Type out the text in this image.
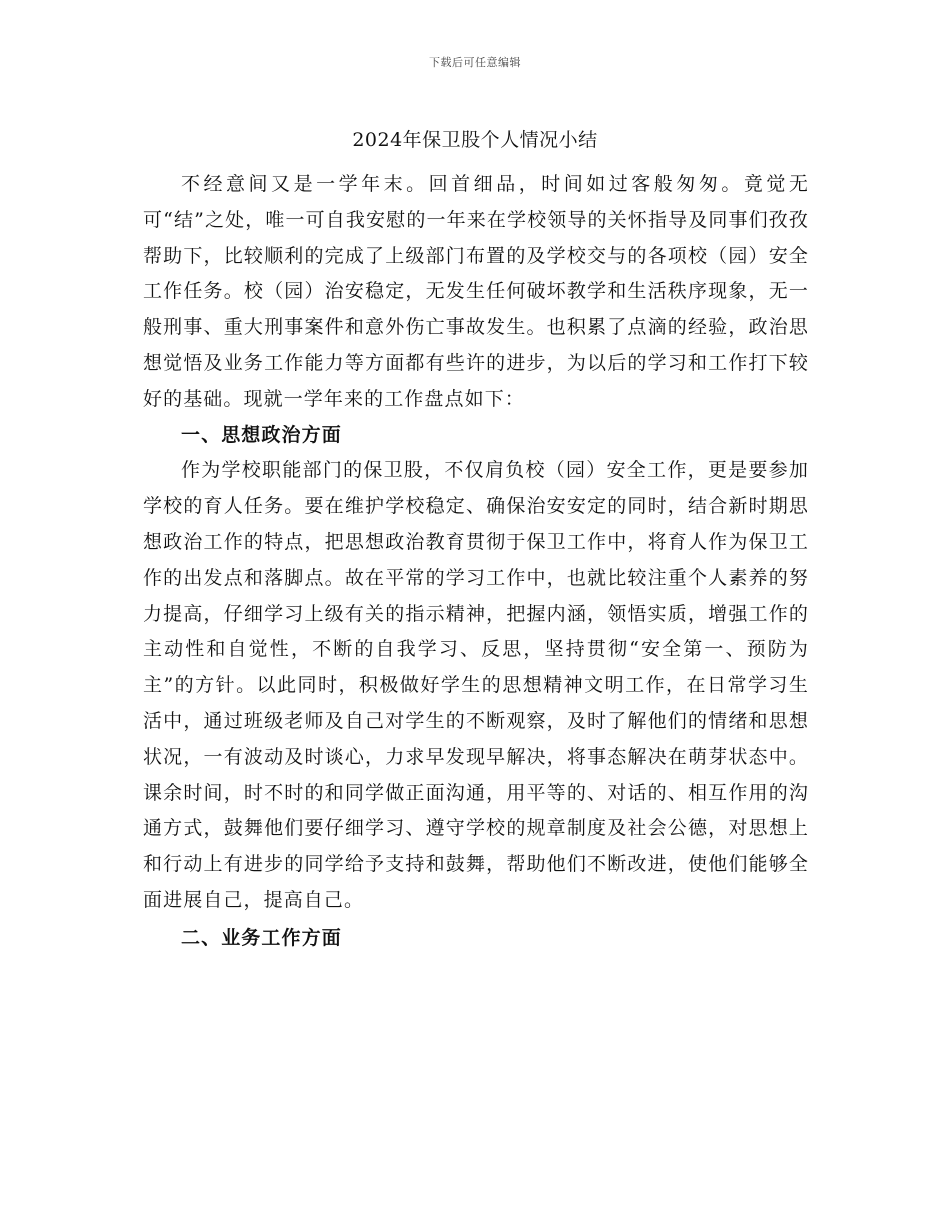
下载后可任意编辑
2024年保卫股个人情况小结

不经意间又是一学年末。回首细品，时间如过客般匆匆。竟觉无可“结”之处，唯一可自我安慰的一年来在学校领导的关怀指导及同事们孜孜帮助下，比较顺利的完成了上级部门布置的及学校交与的各项校（园）安全工作任务。校（园）治安稳定，无发生任何破坏教学和生活秩序现象，无一般刑事、重大刑事案件和意外伤亡事故发生。也积累了点滴的经验，政治思想觉悟及业务工作能力等方面都有些许的进步，为以后的学习和工作打下较好的基础。现就一学年来的工作盘点如下：

一、思想政治方面

作为学校职能部门的保卫股，不仅肩负校（园）安全工作，更是要参加学校的育人任务。要在维护学校稳定、确保治安安定的同时，结合新时期思想政治工作的特点，把思想政治教育贯彻于保卫工作中，将育人作为保卫工作的出发点和落脚点。故在平常的学习工作中，也就比较注重个人素养的努力提高，仔细学习上级有关的指示精神，把握内涵，领悟实质，增强工作的主动性和自觉性，不断的自我学习、反思，坚持贯彻“安全第一、预防为主”的方针。以此同时，积极做好学生的思想精神文明工作，在日常学习生活中，通过班级老师及自己对学生的不断观察，及时了解他们的情绪和思想状况，一有波动及时谈心，力求早发现早解决，将事态解决在萌芽状态中。课余时间，时不时的和同学做正面沟通，用平等的、对话的、相互作用的沟通方式，鼓舞他们要仔细学习、遵守学校的规章制度及社会公德，对思想上和行动上有进步的同学给予支持和鼓舞，帮助他们不断改进，使他们能够全面进展自己，提高自己。

二、业务工作方面
